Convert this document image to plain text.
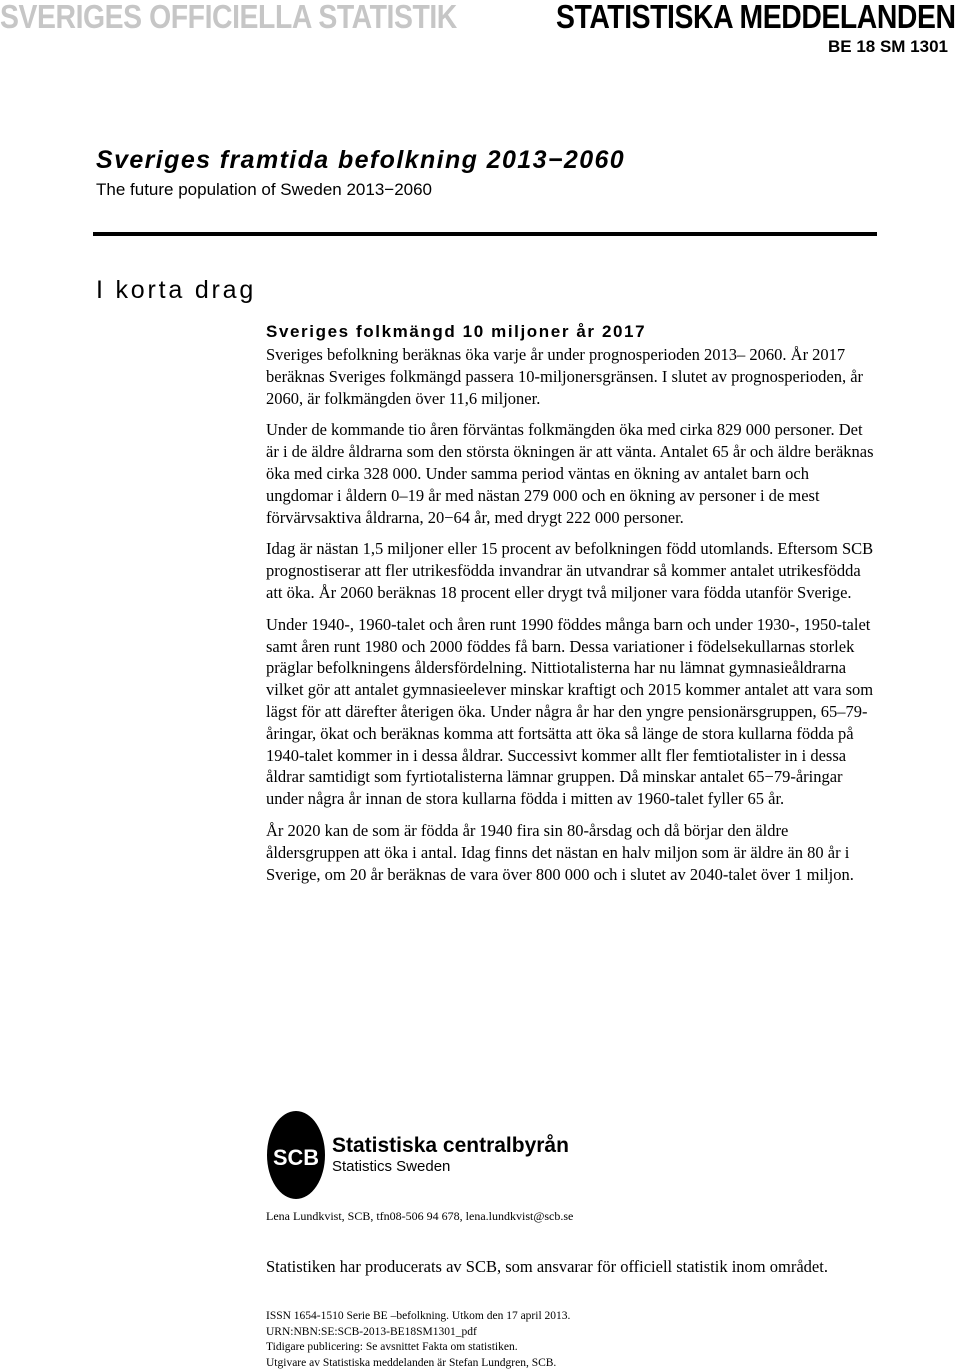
SVERIGES OFFICIELLA STATISTIK	STATISTISKA MEDDELANDEN
BE 18 SM 1301
Sveriges framtida befolkning 2013−2060
The future population of Sweden 2013−2060
I korta drag
Sveriges folkmängd 10 miljoner år 2017

Sveriges befolkning beräknas öka varje år under prognosperioden 2013– 2060. År 2017 beräknas Sveriges folkmängd passera 10-miljonersgränsen. I slutet av prognosperioden, år 2060, är folkmängden över 11,6 miljoner.

Under de kommande tio åren förväntas folkmängden öka med cirka 829 000 personer. Det är i de äldre åldrarna som den största ökningen är att vänta. Antalet 65 år och äldre beräknas öka med cirka 328 000. Under samma period väntas en ökning av antalet barn och ungdomar i åldern 0–19 år med nästan 279 000 och en ökning av personer i de mest förvärvsaktiva åldrarna, 20−64 år, med drygt 222 000 personer.

Idag är nästan 1,5 miljoner eller 15 procent av befolkningen född utomlands. Eftersom SCB prognostiserar att fler utrikesfödda invandrar än utvandrar så kommer antalet utrikesfödda att öka. År 2060 beräknas 18 procent eller drygt två miljoner vara födda utanför Sverige.

Under 1940-, 1960-talet och åren runt 1990 föddes många barn och under 1930-, 1950-talet samt åren runt 1980 och 2000 föddes få barn. Dessa variationer i födelsekullarnas storlek präglar befolkningens åldersfördelning. Nittiotalisterna har nu lämnat gymnasieåldrarna vilket gör att antalet gymnasieelever minskar kraftigt och 2015 kommer antalet att vara som lägst för att därefter återigen öka. Under några år har den yngre pensionärsgruppen, 65–79-åringar, ökat och beräknas komma att fortsätta att öka så länge de stora kullarna födda på 1940-talet kommer in i dessa åldrar. Successivt kommer allt fler femtiotalister in i dessa åldrar samtidigt som fyrtiotalisterna lämnar gruppen. Då minskar antalet 65−79-åringar under några år innan de stora kullarna födda i mitten av 1960-talet fyller 65 år.

År 2020 kan de som är födda år 1940 fira sin 80-årsdag och då börjar den äldre åldersgruppen att öka i antal. Idag finns det nästan en halv miljon som är äldre än 80 år i Sverige, om 20 år beräknas de vara över 800 000 och i slutet av 2040-talet över 1 miljon.

SCB Statistiska centralbyrån
Statistics Sweden
Lena Lundkvist, SCB, tfn08-506 94 678, lena.lundkvist@scb.se
Statistiken har producerats av SCB, som ansvarar för officiell statistik inom området.
ISSN 1654-1510 Serie BE –befolkning. Utkom den 17 april 2013.
URN:NBN:SE:SCB-2013-BE18SM1301_pdf
Tidigare publicering: Se avsnittet Fakta om statistiken.
Utgivare av Statistiska meddelanden är Stefan Lundgren, SCB.
